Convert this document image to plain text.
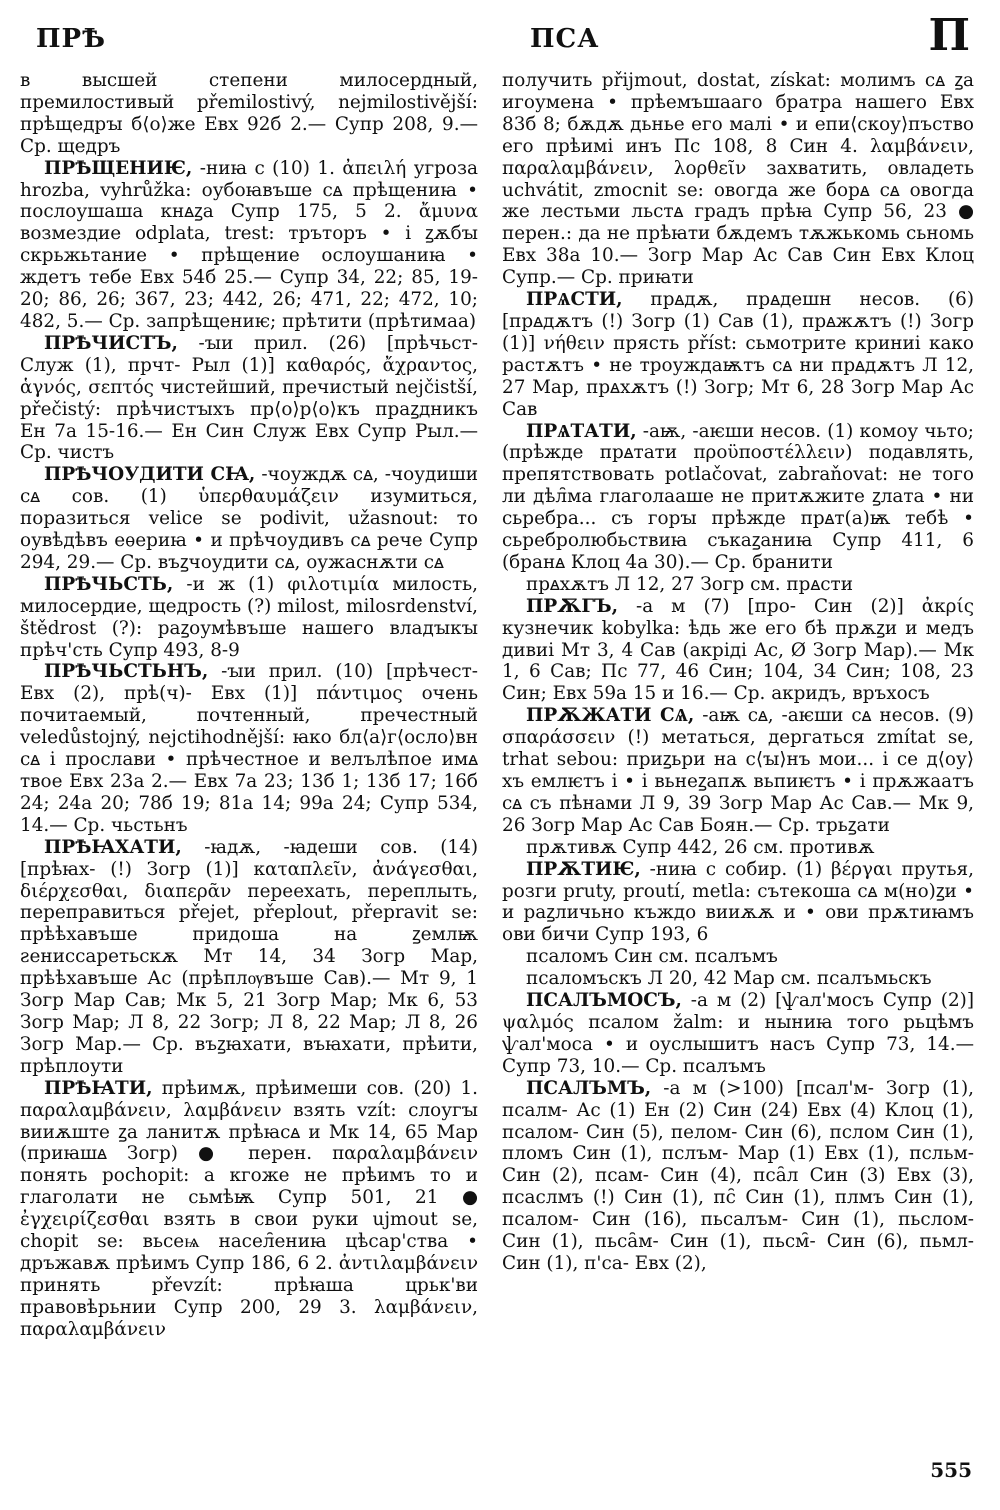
ПРѢ	ПСА	П

в высшей степени милосердный, премилостивый přemilostivý, nejmilostivější: прѣщедрꙑ б⟨о⟩же Евх 92б 2.— Супр 208, 9.— Ср. щедръ

ПРѢЩЕНИѤ, -ниꙗ с (10) 1. ἀπειλή угроза hrozba, vyhrůžka: оубоꙗвъше сꙙ прѣщениꙗ • послоушаша кнꙙꙁа Супр 175, 5 2. ἄμυνα возмездие odplata, trest: тръторъ • і ꙁѫбꙑ скрьжьтание • прѣщение ослоушаниꙗ • ждетъ тебе Евх 54б 25.— Супр 34, 22; 85, 19-20; 86, 26; 367, 23; 442, 26; 471, 22; 472, 10; 482, 5.— Ср. запрѣщениѥ; прѣтити (прѣтимаа)

ПРѢЧИСТЪ, -ꙑи прил. (26) [прѣчьст- Служ (1), прчт- Рыл (1)] καθαρός, ἄχραντος, ἁγνός, σεπτός чистейший, пречистый nejčistší, přečistý: прѣчистꙑхъ пр⟨о⟩р⟨о⟩къ праꙁдникъ Ен 7а 15-16.— Ен Син Служ Евх Супр Рыл.— Ср. чистъ

ПРѢЧОУДИТИ СꙖ, -чоуждѫ сꙙ, -чоудиши сꙙ сов. (1) ὑπερθαυμάζειν изумиться, поразиться velice se podivit, užasnout: то оувѣдѣвъ еѳериꙗ • и прѣчоудивъ сꙙ рече Супр 294, 29.— Ср. въꙁчоудити сꙙ, оужаснѫти сꙙ

ПРѢЧЬСТЬ, -и ж (1) φιλοτιμία милость, милосердие, щедрость (?) milost, milosrdenství, štědrost (?): раꙁоумѣвъше нашего владꙑкꙑ прѣч'сть Супр 493, 8-9

ПРѢЧЬСТЬНЪ, -ꙑи прил. (10) [прѣчест- Евх (2), прѣ(ч)- Евх (1)] πάντιμος очень почитаемый, почтенный, пречестный veledůstojný, nejctihodnější: ꙗко бл⟨а⟩г⟨осло⟩вн сꙙ і прослави • прѣчестное и велълѣпое имꙙ твое Евх 23а 2.— Евх 7а 23; 13б 1; 13б 17; 16б 24; 24а 20; 78б 19; 81а 14; 99а 24; Супр 534, 14.— Ср. чьстьнъ

ПРѢꙖХАТИ, -ꙗдѫ, -ꙗдеши сов. (14) [прѣꙗх- (!) Зогр (1)] καταπλεῖν, ἀνάγεσθαι, διέρχεσθαι, διαπερᾶν переехать, переплыть, переправиться přejet, přeplout, přepravit se: прѣѣхавъше придоша на ꙁемлѭ ꙅениссаретьскѫ Мт 14, 34 Зогр Мар, прѣѣхавъше Ас (прѣплѹвъше Сав).— Мт 9, 1 Зогр Мар Сав; Мк 5, 21 Зогр Мар; Мк 6, 53 Зогр Мар; Л 8, 22 Зогр; Л 8, 22 Мар; Л 8, 26 Зогр Мар.— Ср. въꙁꙗхати, въꙗхати, прѣити, прѣплоути

ПРѢꙖТИ, прѣимѫ, прѣимеши сов. (20) 1. παραλαμβάνειν, λαμβάνειν взять vzít: слоугꙑ вииѫште ꙁа ланитѫ прѣꙗсꙙ и Мк 14, 65 Мар (приꙗшꙙ Зогр) ● перен. παραλαμβάνειν понять pochopit: а кгоже не прѣимъ то и глаголати не сьмѣѭ Супр 501, 21 ● ἐγχειρίζεσθαι взять в свои руки ujmout se, chopit se: вьсеѩ насел̑ениꙗ цѣсар'ства • дръжавѫ прѣимъ Супр 186, 6 2. ἀντιλαμβάνειν принять převzít: прѣꙗша црьк'ви правовѣрьнии Супр 200, 29 3. λαμβάνειν, παραλαμβάνειν

получить přijmout, dostat, získat: молимъ сꙙ ꙁа игоумена • прѣемъшаагo братра нашего Евх 83б 8; бѫдѫ дьнье его малі • и епи⟨скоу⟩пъство его прѣимі инъ Пс 108, 8 Син 4. λαμβάνειν, παραλαμβάνειν, λορθεῖν захватить, овладеть uchvátit, zmocnit se: овогда же борꙙ сꙙ овогда же лестьми льстꙙ градъ прѣꙗ Супр 56, 23 ● перен.: да не прѣꙗти бѫдемъ тѫжькомь сьномь Евх 38а 10.— Зогр Мар Ас Сав Син Евх Клоц Супр.— Ср. приꙗти

ПРѦСТИ, прꙙдѫ, прꙙдешн несов. (6) [прꙙдѫтъ (!) Зогр (1) Сав (1), прꙙжѫтъ (!) Зогр (1)] νήθειν прясть příst: сьмотрите криниі како растѫтъ • не троуждаѭтъ сꙙ ни прꙙдѫтъ Л 12, 27 Мар, прꙙхѫтъ (!) Зогр; Мт 6, 28 Зогр Мар Ас Сав

ПРѦТАТИ, -аѭ, -аѥши несов. (1) комоу чьто; (прѣжде прꙙтати προϋποστέλλειν) подавлять, препятствовать potlačovat, zabraňovat: не того ли дѣл̑ма глаголааше не притѫжите ꙁлата • ни сьребра... съ горꙑ прѣжде прꙙт(а)ѭ тебѣ • сьребролюбьствиꙗ съкаꙁаниꙗ Супр 411, 6 (бранꙙ Клоц 4а 30).— Ср. бранити

прꙙхѫтъ Л 12, 27 Зогр см. прꙙсти

ПРѪГЪ, -а м (7) [про- Син (2)] ἀκρίς кузнечик kobylka: ѣдь же его бѣ прѫꙁи и медъ дивиі Мт 3, 4 Сав (акріді Ас, Ø Зогр Мар).— Мк 1, 6 Сав; Пс 77, 46 Син; 104, 34 Син; 108, 23 Син; Евх 59а 15 и 16.— Ср. акридъ, връхосъ

ПРѪЖАТИ СѦ, -аѭ сꙙ, -аѥши сꙙ несов. (9) σπαράσσειν (!) метаться, дергаться zmítat se, trhat sebou: приꙁьри на с⟨ꙑ⟩нъ мои... і се д⟨оу⟩хъ емлѥтъ і • і вьнеꙁапѫ вьпиѥтъ • і прѫжаатъ сꙙ съ пѣнами Л 9, 39 Зогр Мар Ас Сав.— Мк 9, 26 Зогр Мар Ас Сав Боян.— Ср. трьꙁати

прѫтивѫ Супр 442, 26 см. противѫ

ПРѪТИѤ, -ниꙗ с собир. (1) βέργαι прутья, розги pruty, proutí, metla: сътекоша сꙙ м(но)ꙁи • и раꙁличьно къждо вииѫѫ и • ови прѫтиꙗмъ ови бичи Супр 193, 6

псаломъ Син см. псалъмъ

псаломъскъ Л 20, 42 Мар см. псалъмьскъ

ПСАЛЪМОСЪ, -а м (2) [ѱал'мосъ Супр (2)] ψαλμός псалом žalm: и ныниꙗ того рьцѣмъ ѱал'моса • и оуслышитъ насъ Супр 73, 14.— Супр 73, 10.— Ср. псалъмъ

ПСАЛЪМЪ, -а м (>100) [псал'м- Зогр (1), псалм- Ас (1) Ен (2) Син (24) Евх (4) Клоц (1), псалом- Син (5), пелом- Син (6), пслом Син (1), пломъ Син (1), пслъм- Мар (1) Евх (1), псльм- Син (2), псам- Син (4), пса̑л Син (3) Евх (3), псаслмъ (!) Син (1), пс̑ Син (1), плмъ Син (1), псалом- Син (16), пьсалъм- Син (1), пьслом- Син (1), пьса̑м- Син (1), пьсм̑- Син (6), пьмл- Син (1), п'са- Евх (2),

555
